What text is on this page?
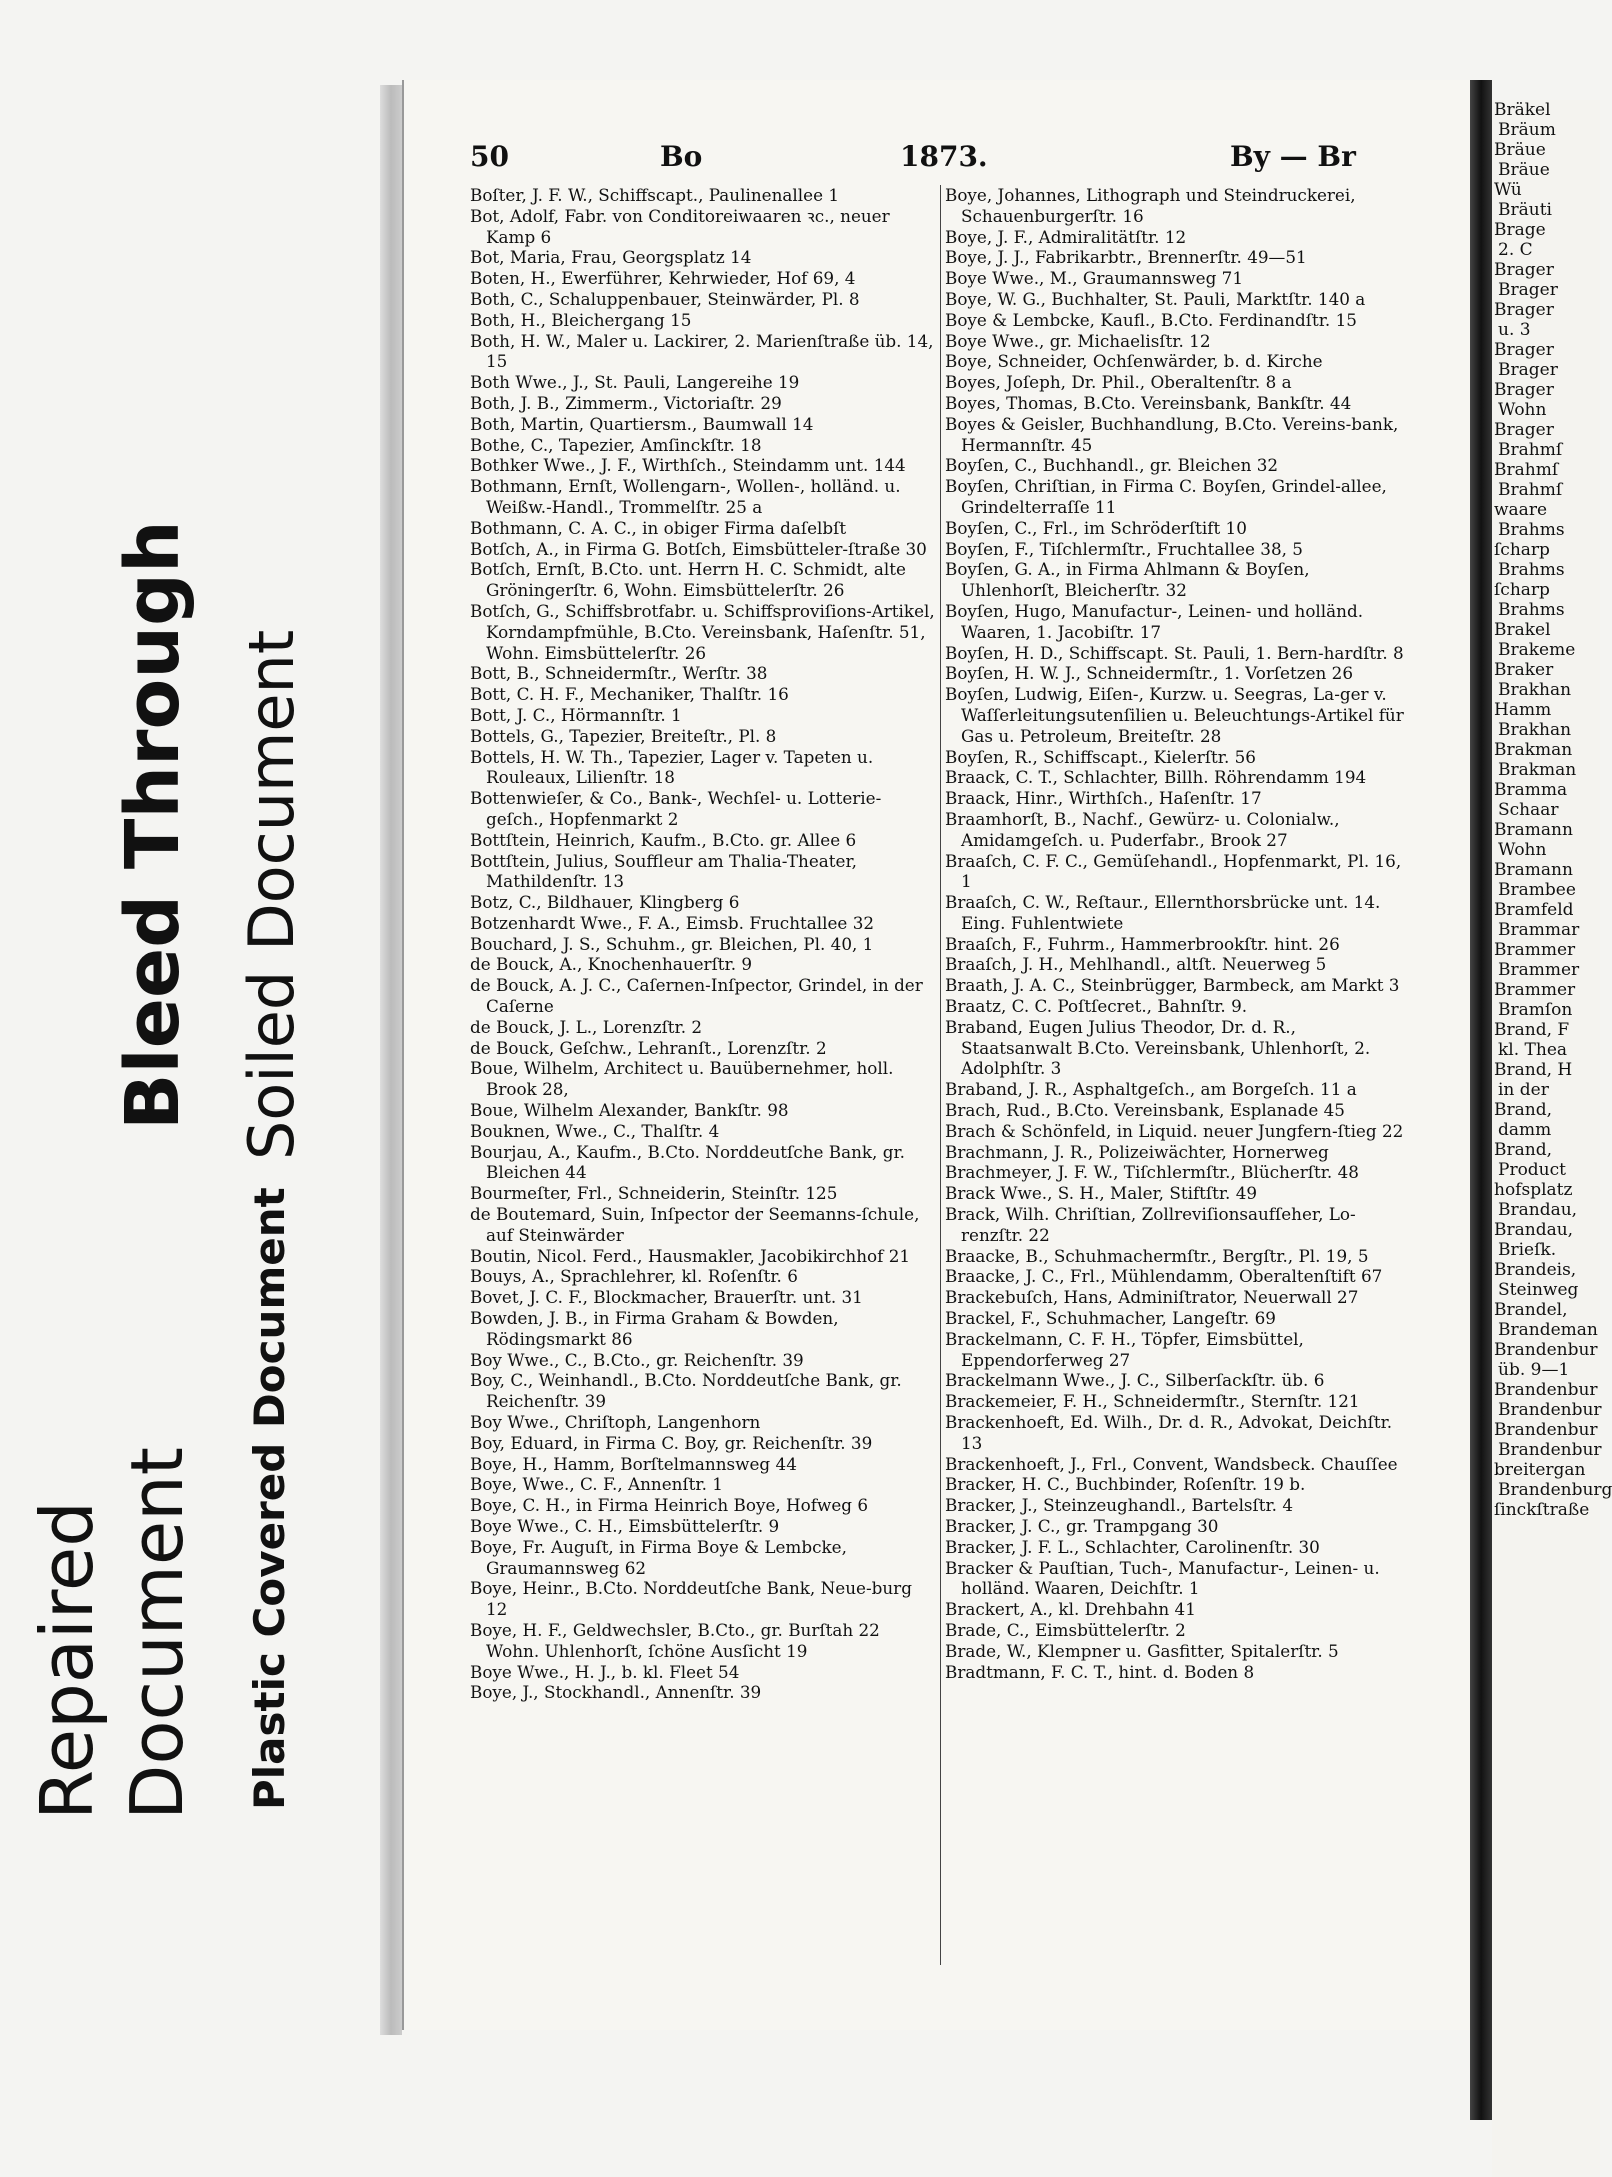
Bleed Through Soiled Document
Plastic Covered Document
Repaired Document
Bräkel
Bräum
Bräue
Bräue
Wü
Bräuti
Brage
2. C
Brager
Brager
Brager
u. 3
Brager
Brager
Brager
Wohn
Brager
Brahmſ
Brahmſ
Brahmſ
waare
Brahms
ſcharp
Brahms
ſcharp
Brahms
Brakel
Brakeme
Braker
Brakhan
Hamm
Brakhan
Brakman
Brakman
Bramma
Schaar
Bramann
Wohn
Bramann
Brambee
Bramfeld
Brammar
Brammer
Brammer
Brammer
Bramſon
Brand, F
kl. Thea
Brand, H
in der
Brand,
damm
Brand,
Product
hofsplatz
Brandau,
Brandau,
Brieſk.
Brandeis,
Steinweg
Brandel,
Brandeman
Brandenbur
üb. 9—1
Brandenbur
Brandenbur
Brandenbur
Brandenbur
breitergan
Brandenburg
ſinckſtraße
50	Bo	1873.	By — Br

Boſter, J. F. W., Schiffscapt., Paulinenallee 1

Bot, Adolf, Fabr. von Conditoreiwaaren ꝛc., neuer Kamp 6

Bot, Maria, Frau, Georgsplatz 14

Boten, H., Ewerführer, Kehrwieder, Hof 69, 4

Both, C., Schaluppenbauer, Steinwärder, Pl. 8

Both, H., Bleichergang 15

Both, H. W., Maler u. Lackirer, 2. Marienſtraße üb. 14, 15

Both Wwe., J., St. Pauli, Langereihe 19

Both, J. B., Zimmerm., Victoriaſtr. 29

Both, Martin, Quartiersm., Baumwall 14

Bothe, C., Tapezier, Amſinckſtr. 18

Bothker Wwe., J. F., Wirthſch., Steindamm unt. 144

Bothmann, Ernſt, Wollengarn-, Wollen-, holländ. u. Weißw.-Handl., Trommelſtr. 25 a

Bothmann, C. A. C., in obiger Firma daſelbſt

Botſch, A., in Firma G. Botſch, Eimsbütteler-ſtraße 30

Botſch, Ernſt, B.Cto. unt. Herrn H. C. Schmidt, alte Gröningerſtr. 6, Wohn. Eimsbüttelerſtr. 26

Botſch, G., Schiffsbrotfabr. u. Schiffsproviſions-Artikel, Korndampfmühle, B.Cto. Vereinsbank, Haſenſtr. 51, Wohn. Eimsbüttelerſtr. 26

Bott, B., Schneidermſtr., Werſtr. 38

Bott, C. H. F., Mechaniker, Thalſtr. 16

Bott, J. C., Hörmannſtr. 1

Bottels, G., Tapezier, Breiteſtr., Pl. 8

Bottels, H. W. Th., Tapezier, Lager v. Tapeten u. Rouleaux, Lilienſtr. 18

Bottenwieſer, & Co., Bank-, Wechſel- u. Lotterie-geſch., Hopfenmarkt 2

Bottſtein, Heinrich, Kaufm., B.Cto. gr. Allee 6

Bottſtein, Julius, Souffleur am Thalia-Theater, Mathildenſtr. 13

Botz, C., Bildhauer, Klingberg 6

Botzenhardt Wwe., F. A., Eimsb. Fruchtallee 32

Bouchard, J. S., Schuhm., gr. Bleichen, Pl. 40, 1

de Bouck, A., Knochenhauerſtr. 9

de Bouck, A. J. C., Caſernen-Inſpector, Grindel, in der Caſerne

de Bouck, J. L., Lorenzſtr. 2

de Bouck, Geſchw., Lehranſt., Lorenzſtr. 2

Boue, Wilhelm, Architect u. Bauübernehmer, holl. Brook 28,

Boue, Wilhelm Alexander, Bankſtr. 98

Bouknen, Wwe., C., Thalſtr. 4

Bourjau, A., Kaufm., B.Cto. Norddeutſche Bank, gr. Bleichen 44

Bourmeſter, Frl., Schneiderin, Steinſtr. 125

de Boutemard, Suin, Inſpector der Seemanns-ſchule, auf Steinwärder

Boutin, Nicol. Ferd., Hausmakler, Jacobikirchhof 21

Bouys, A., Sprachlehrer, kl. Roſenſtr. 6

Bovet, J. C. F., Blockmacher, Brauerſtr. unt. 31

Bowden, J. B., in Firma Graham & Bowden, Rödingsmarkt 86

Boy Wwe., C., B.Cto., gr. Reichenſtr. 39

Boy, C., Weinhandl., B.Cto. Norddeutſche Bank, gr. Reichenſtr. 39

Boy Wwe., Chriſtoph, Langenhorn

Boy, Eduard, in Firma C. Boy, gr. Reichenſtr. 39

Boye, H., Hamm, Borſtelmannsweg 44

Boye, Wwe., C. F., Annenſtr. 1

Boye, C. H., in Firma Heinrich Boye, Hofweg 6

Boye Wwe., C. H., Eimsbüttelerſtr. 9

Boye, Fr. Auguſt, in Firma Boye & Lembcke, Graumannsweg 62

Boye, Heinr., B.Cto. Norddeutſche Bank, Neue-burg 12

Boye, H. F., Geldwechsler, B.Cto., gr. Burſtah 22 Wohn. Uhlenhorſt, ſchöne Ausſicht 19

Boye Wwe., H. J., b. kl. Fleet 54

Boye, J., Stockhandl., Annenſtr. 39

Boye, Johannes, Lithograph und Steindruckerei, Schauenburgerſtr. 16

Boye, J. F., Admiralitätſtr. 12

Boye, J. J., Fabrikarbtr., Brennerſtr. 49—51

Boye Wwe., M., Graumannsweg 71

Boye, W. G., Buchhalter, St. Pauli, Marktſtr. 140 a

Boye & Lembcke, Kaufl., B.Cto. Ferdinandſtr. 15

Boye Wwe., gr. Michaelisſtr. 12

Boye, Schneider, Ochſenwärder, b. d. Kirche

Boyes, Joſeph, Dr. Phil., Oberaltenſtr. 8 a

Boyes, Thomas, B.Cto. Vereinsbank, Bankſtr. 44

Boyes & Geisler, Buchhandlung, B.Cto. Vereins-bank, Hermannſtr. 45

Boyſen, C., Buchhandl., gr. Bleichen 32

Boyſen, Chriſtian, in Firma C. Boyſen, Grindel-allee, Grindelterraſſe 11

Boyſen, C., Frl., im Schröderſtift 10

Boyſen, F., Tiſchlermſtr., Fruchtallee 38, 5

Boyſen, G. A., in Firma Ahlmann & Boyſen, Uhlenhorſt, Bleicherſtr. 32

Boyſen, Hugo, Manufactur-, Leinen- und holländ. Waaren, 1. Jacobiſtr. 17

Boyſen, H. D., Schiffscapt. St. Pauli, 1. Bern-hardſtr. 8

Boyſen, H. W. J., Schneidermſtr., 1. Vorſetzen 26

Boyſen, Ludwig, Eiſen-, Kurzw. u. Seegras, La-ger v. Waſſerleitungsutenſilien u. Beleuchtungs-Artikel für Gas u. Petroleum, Breiteſtr. 28

Boyſen, R., Schiffscapt., Kielerſtr. 56

Braack, C. T., Schlachter, Billh. Röhrendamm 194

Braack, Hinr., Wirthſch., Haſenſtr. 17

Braamhorſt, B., Nachf., Gewürz- u. Colonialw., Amidamgeſch. u. Puderfabr., Brook 27

Braaſch, C. F. C., Gemüſehandl., Hopfenmarkt, Pl. 16, 1

Braaſch, C. W., Reſtaur., Ellernthorsbrücke unt. 14. Eing. Fuhlentwiete

Braaſch, F., Fuhrm., Hammerbrookſtr. hint. 26

Braaſch, J. H., Mehlhandl., altſt. Neuerweg 5

Braath, J. A. C., Steinbrügger, Barmbeck, am Markt 3

Braatz, C. C. Poſtſecret., Bahnſtr. 9.

Braband, Eugen Julius Theodor, Dr. d. R., Staatsanwalt B.Cto. Vereinsbank, Uhlenhorſt, 2. Adolphſtr. 3

Braband, J. R., Asphaltgeſch., am Borgeſch. 11 a

Brach, Rud., B.Cto. Vereinsbank, Esplanade 45

Brach & Schönfeld, in Liquid. neuer Jungfern-ſtieg 22

Brachmann, J. R., Polizeiwächter, Hornerweg

Brachmeyer, J. F. W., Tiſchlermſtr., Blücherſtr. 48

Brack Wwe., S. H., Maler, Stiftſtr. 49

Brack, Wilh. Chriſtian, Zollreviſionsaufſeher, Lo-renzſtr. 22

Braacke, B., Schuhmachermſtr., Bergſtr., Pl. 19, 5

Braacke, J. C., Frl., Mühlendamm, Oberaltenſtift 67

Brackebuſch, Hans, Adminiſtrator, Neuerwall 27

Brackel, F., Schuhmacher, Langeſtr. 69

Brackelmann, C. F. H., Töpfer, Eimsbüttel, Eppendorferweg 27

Brackelmann Wwe., J. C., Silberſackſtr. üb. 6

Brackemeier, F. H., Schneidermſtr., Sternſtr. 121

Brackenhoeft, Ed. Wilh., Dr. d. R., Advokat, Deichſtr. 13

Brackenhoeft, J., Frl., Convent, Wandsbeck. Chauſſee

Bracker, H. C., Buchbinder, Roſenſtr. 19 b.

Bracker, J., Steinzeughandl., Bartelsſtr. 4

Bracker, J. C., gr. Trampgang 30

Bracker, J. F. L., Schlachter, Carolinenſtr. 30

Bracker & Pauſtian, Tuch-, Manufactur-, Leinen- u. holländ. Waaren, Deichſtr. 1

Brackert, A., kl. Drehbahn 41

Brade, C., Eimsbüttelerſtr. 2

Brade, W., Klempner u. Gasfitter, Spitalerſtr. 5

Bradtmann, F. C. T., hint. d. Boden 8
